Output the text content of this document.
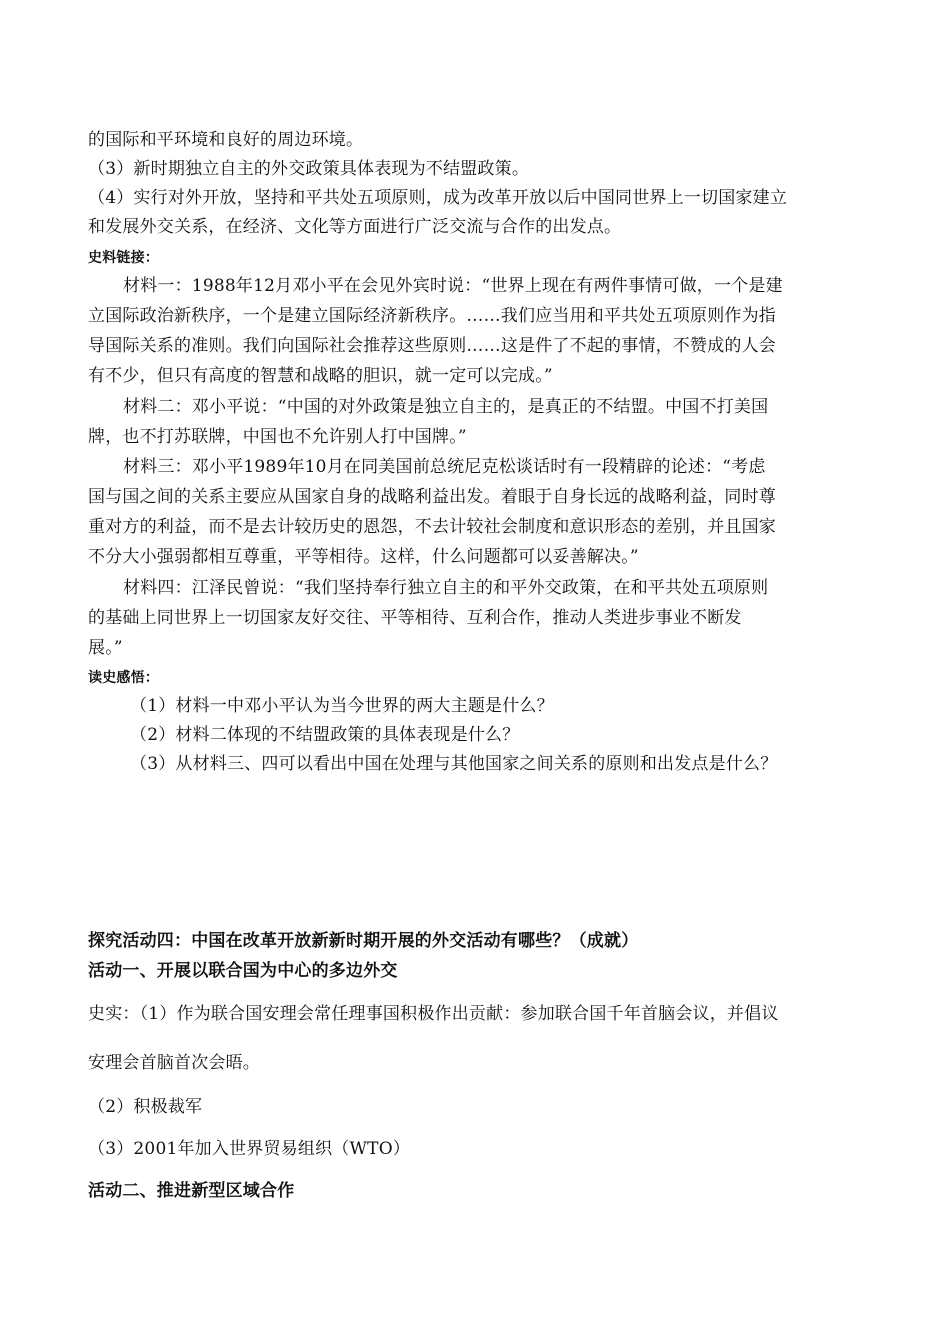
的国际和平环境和良好的周边环境。
（3）新时期独立自主的外交政策具体表现为不结盟政策。
（4）实行对外开放，坚持和平共处五项原则，成为改革开放以后中国同世界上一切国家建立
和发展外交关系，在经济、文化等方面进行广泛交流与合作的出发点。
史料链接：
材料一：1988年12月邓小平在会见外宾时说：“世界上现在有两件事情可做，一个是建
立国际政治新秩序，一个是建立国际经济新秩序。……我们应当用和平共处五项原则作为指
导国际关系的准则。我们向国际社会推荐这些原则……这是件了不起的事情，不赞成的人会
有不少，但只有高度的智慧和战略的胆识，就一定可以完成。”
材料二：邓小平说：“中国的对外政策是独立自主的，是真正的不结盟。中国不打美国
牌，也不打苏联牌，中国也不允许别人打中国牌。”
材料三：邓小平1989年10月在同美国前总统尼克松谈话时有一段精辟的论述：“考虑
国与国之间的关系主要应从国家自身的战略利益出发。着眼于自身长远的战略利益，同时尊
重对方的利益，而不是去计较历史的恩怨，不去计较社会制度和意识形态的差别，并且国家
不分大小强弱都相互尊重，平等相待。这样，什么问题都可以妥善解决。”
材料四：江泽民曾说：“我们坚持奉行独立自主的和平外交政策，在和平共处五项原则
的基础上同世界上一切国家友好交往、平等相待、互利合作，推动人类进步事业不断发
展。”
读史感悟：
（1）材料一中邓小平认为当今世界的两大主题是什么？
（2）材料二体现的不结盟政策的具体表现是什么？
（3）从材料三、四可以看出中国在处理与其他国家之间关系的原则和出发点是什么？
探究活动四：中国在改革开放新新时期开展的外交活动有哪些？（成就）
活动一、开展以联合国为中心的多边外交
史实：（1）作为联合国安理会常任理事国积极作出贡献：参加联合国千年首脑会议，并倡议
安理会首脑首次会晤。
（2）积极裁军
（3）2001年加入世界贸易组织（WTO）
活动二、推进新型区域合作
